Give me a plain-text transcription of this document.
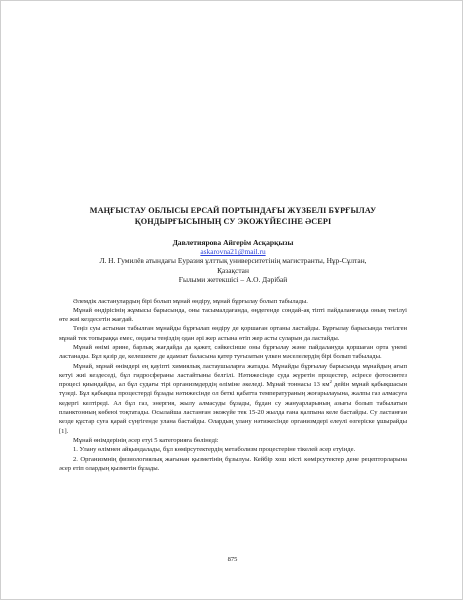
МАҢҒЫСТАУ ОБЛЫСЫ ЕРСАЙ ПОРТЫНДАҒЫ ЖҮЗБЕЛІ БҰРҒЫЛАУ
ҚОНДЫРҒЫСЫНЫҢ СУ ЭКОЖҮЙЕСІНЕ ӘСЕРІ
Давлетиярова Айгерім Асқарқызы
askarovna21@mail.ru
Л. Н. Гумилёв атындағы Еуразия ұлттық университетінің магистранты, Нұр-Сұлтан,
Қазақстан
Ғылыми жетекшісі – А.О. Дәрібай

Әлемдік ластанулардың бірі болып мұнай өндіру, мұнай бұрғылау болып табылады.

Мұнай өндірісінің жұмысы барысында, оны тасымалдағанда, өңдегенде сондай-ақ тіпті пайдаланғанда оның төгілуі өте жиі кездесетін жағдай.

Теңіз суы астынан табылған мұнайды бұрғылап өндіру де қоршаған ортаны ластайды. Бұрғылау барысында төгілген мұнай тек топыраққа емес, ондағы теңіздің одан әрі жер астына өтіп жер асты суларын да ластайды.

Мұнай өнімі әрине, барлық жағдайда да қажет, сәйкесінше оны бұрғылау және пайдалануда қоршаған орта үнемі ластанады. Бұл қазір де, келешекте де адамзат баласына қатер туғызатын үлкен мәселелердің бірі болып табылады.

Мұнай, мұнай өнімдері ең қауіпті химиялық ластаушыларға жатады. Мұнайды бұрғылау барысында мұнайдың ағып кетуі жиі кездеседі, бұл гидросфераны ластайтыны белгілі. Нәтижесінде суда жүретін процестер, әсіресе фотосинтез процесі қиындайды, ал бұл судағы тірі организмдердің өліміне әкеледі. Мұнай тоннасы 13 $км^2$ дейін мұнай қабықшасын түзеді. Бұл қабықша процестерді бұзады нәтижесінде ол беткі қабатта температураның жоғарылауына, жалпы газ алмасуға кедергі келтіреді. Ал бұл газ, энергия, жылу алмасуды бұзады, бұдан су жануарларының азығы болып табылатын планктонның көбеюі тоқтатады. Осылайша ластанған экожүйе тек 15-20 жылда ғана қалпына келе бастайды. Су ластанған кезде құстар суға қарай сүңгігенде улана бастайды. Олардың улану нәтижесінде организмдері елеулі өзгеріске ұшырайды [1].

Мұнай өнімдерінің әсер етуі 5 категорияға бөлінеді:

1. Улану өлімнен айқындалады, бұл көмірсутектердің метаболизм процестеріне тікелей әсер етуінде.

2. Организмнің физиологиялық жағынан қызметінің бұзылуы. Кейбір хош иісті көмірсутектер дене рецепторларына әсер етіп олардың қызметін бұзады.

875
